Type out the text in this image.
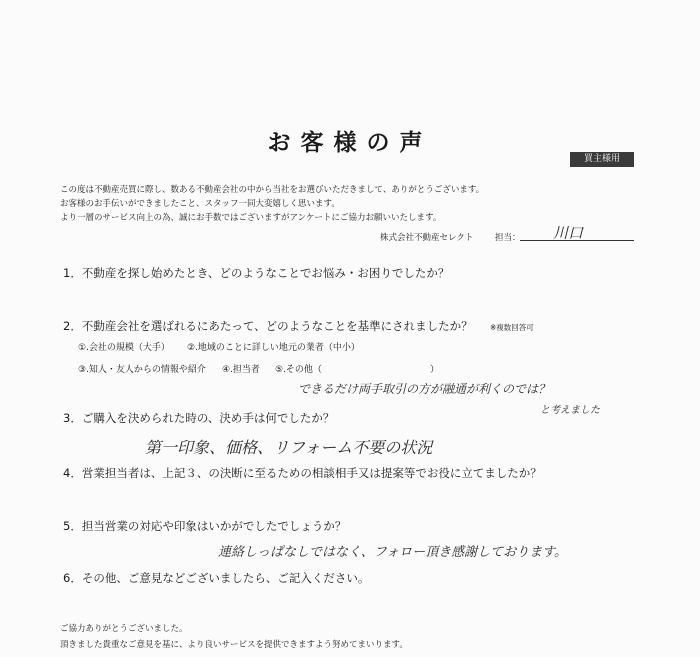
お客様の声
買主様用
この度は不動産売買に際し、数ある不動産会社の中から当社をお選びいただきまして、ありがとうございます。
お客様のお手伝いができましたこと、スタッフ一同大変嬉しく思います。
より一層のサービス向上の為、誠にお手数ではございますがアンケートにご協力お願いいたします。
株式会社不動産セレクト	担当： 川口
1．不動産を探し始めたとき、どのようなことでお悩み・お困りでしたか？
2．不動産会社を選ばれるにあたって、どのようなことを基準にされましたか？ ※複数回答可
①.会社の規模（大手） ②.地域のことに詳しい地元の業者（中小）
③.知人・友人からの情報や紹介 ④.担当者 ⑤.その他（	）
できるだけ両手取引の方が融通が利くのでは？
と考えました
3．ご購入を決められた時の、決め手は何でしたか？
第一印象、価格、リフォーム不要の状況
4．営業担当者は、上記３、の決断に至るための相談相手又は提案等でお役に立てましたか？
5．担当営業の対応や印象はいかがでしたでしょうか？
連絡しっぱなしではなく、フォロー頂き感謝しております。
6．その他、ご意見などございましたら、ご記入ください。
ご協力ありがとうございました。
頂きました貴重なご意見を基に、より良いサービスを提供できますよう努めてまいります。
